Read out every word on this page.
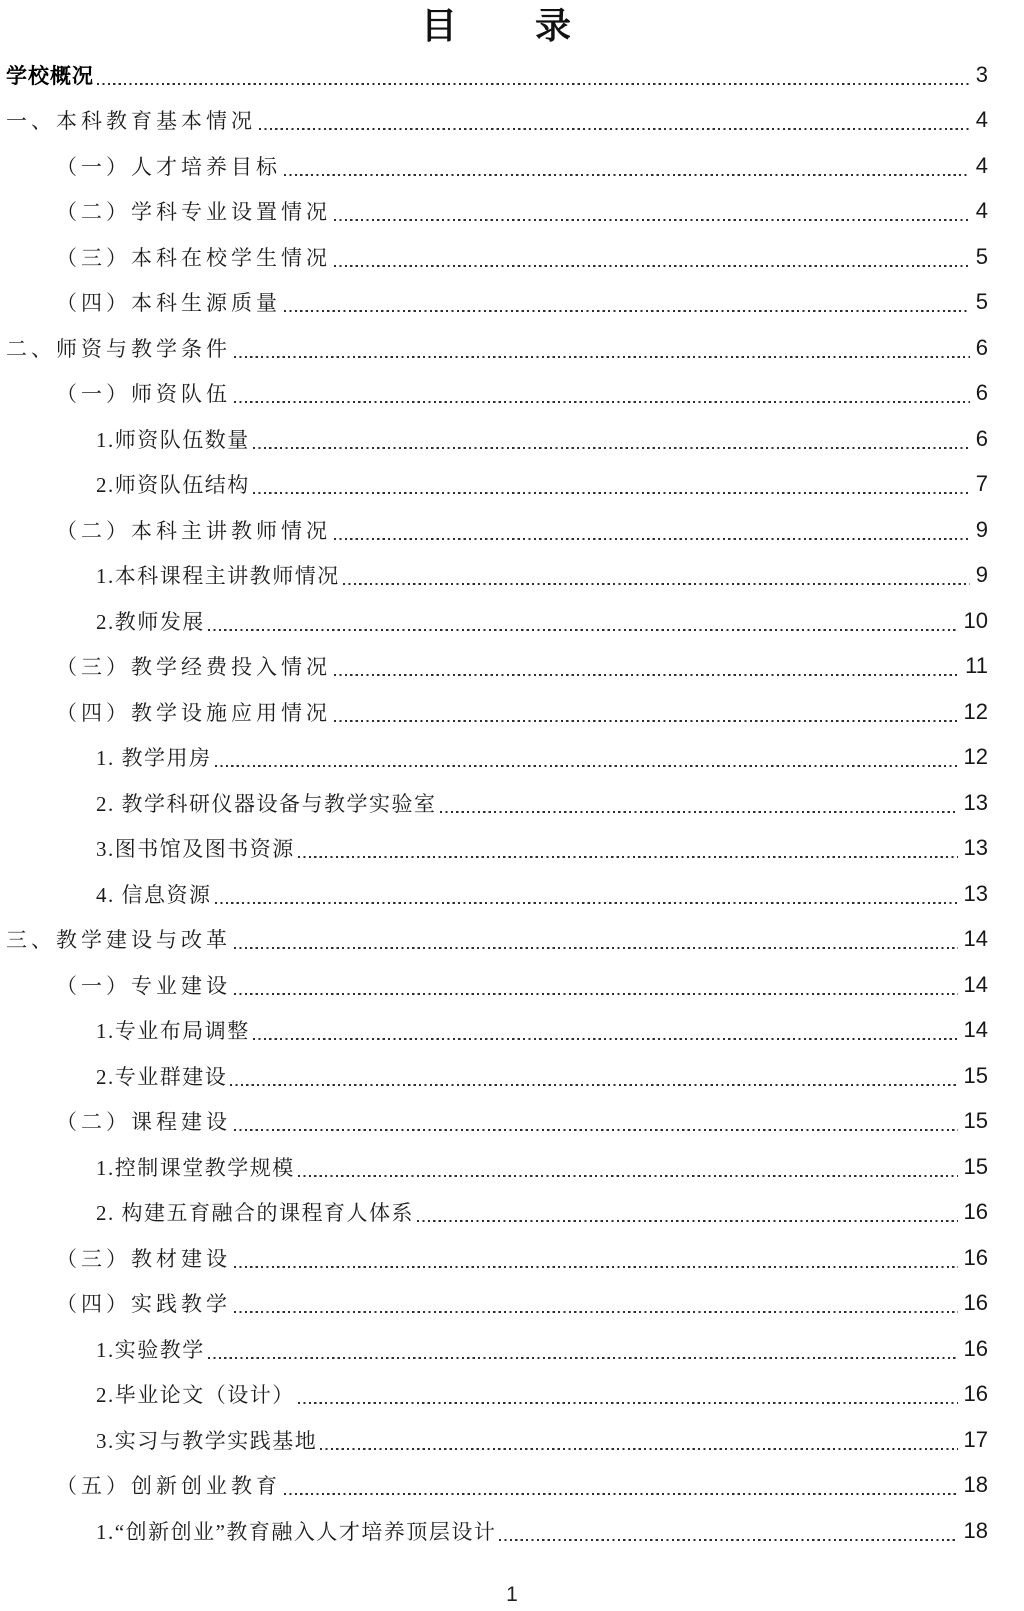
目　　录
学校概况	3
一、本科教育基本情况	4
（一）人才培养目标	4
（二）学科专业设置情况	4
（三）本科在校学生情况	5
（四）本科生源质量	5
二、师资与教学条件	6
（一）师资队伍	6
1.师资队伍数量	6
2.师资队伍结构	7
（二）本科主讲教师情况	9
1.本科课程主讲教师情况	9
2.教师发展	10
（三）教学经费投入情况	11
（四）教学设施应用情况	12
1. 教学用房	12
2. 教学科研仪器设备与教学实验室	13
3.图书馆及图书资源	13
4. 信息资源	13
三、教学建设与改革	14
（一）专业建设	14
1.专业布局调整	14
2.专业群建设	15
（二）课程建设	15
1.控制课堂教学规模	15
2. 构建五育融合的课程育人体系	16
（三）教材建设	16
（四）实践教学	16
1.实验教学	16
2.毕业论文（设计）	16
3.实习与教学实践基地	17
（五）创新创业教育	18
1.“创新创业”教育融入人才培养顶层设计	18
1
